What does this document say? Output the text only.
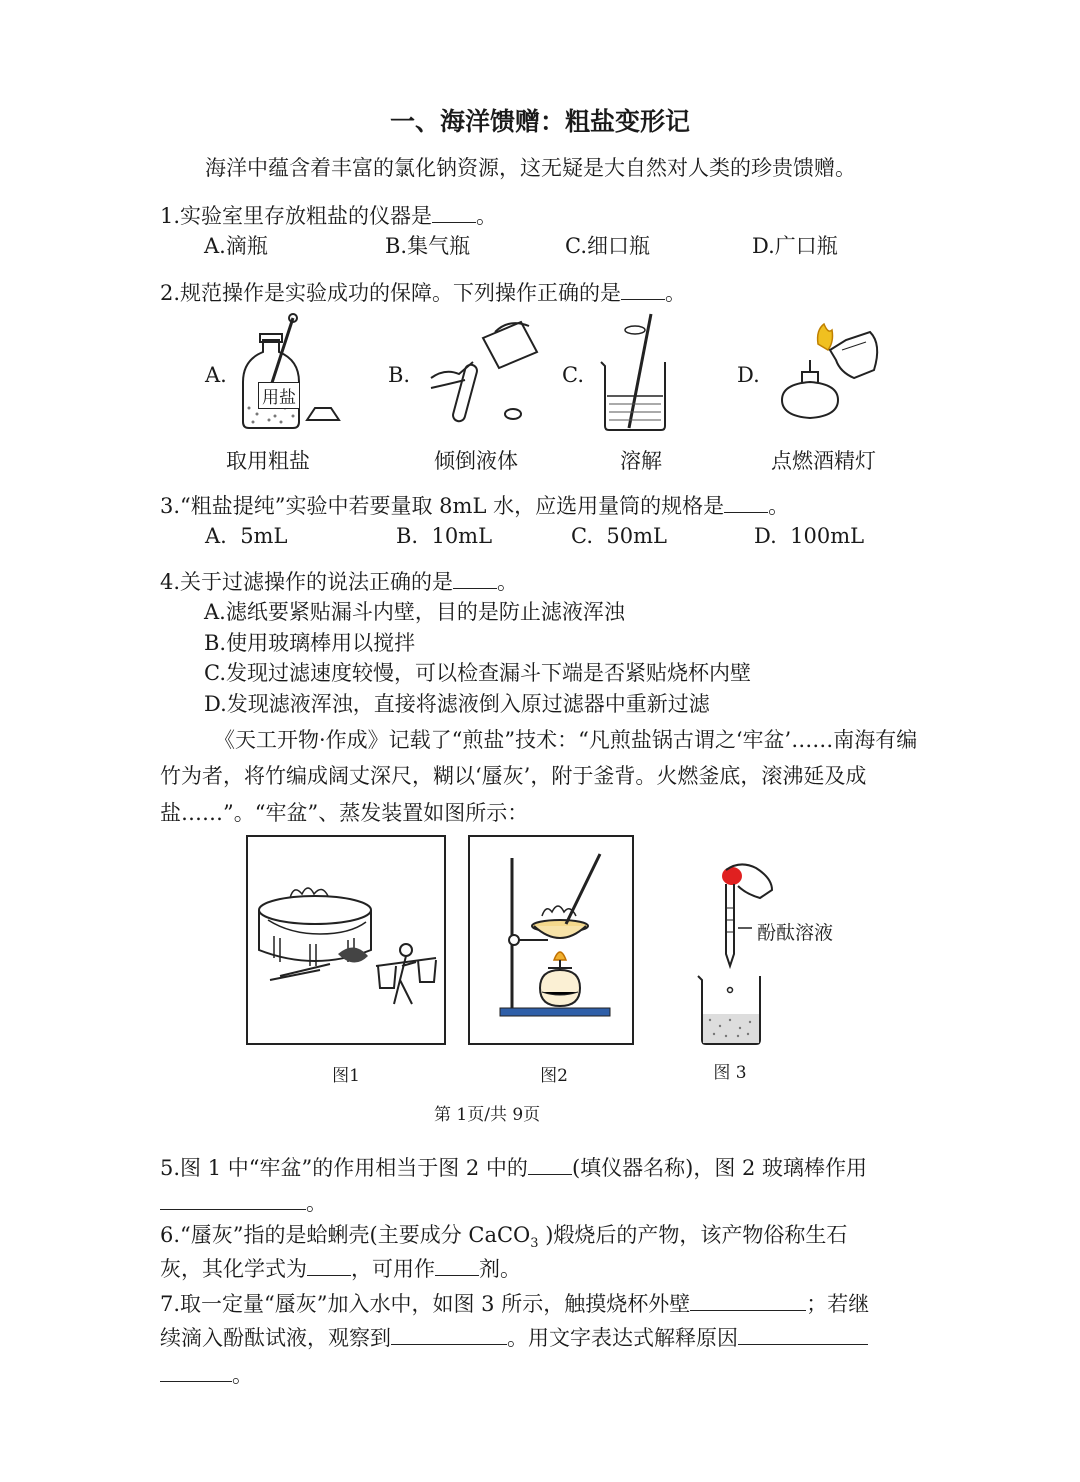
一、海洋馈赠：粗盐变形记
海洋中蕴含着丰富的氯化钠资源，这无疑是大自然对人类的珍贵馈赠。
1.实验室里存放粗盐的仪器是 。
A.滴瓶	B.集气瓶	C.细口瓶	D.广口瓶
2.规范操作是实验成功的保障。下列操作正确的是 。
A.	B.	C.	D.
用盐
取用粗盐	倾倒液体	溶解	点燃酒精灯
3.“粗盐提纯”实验中若要量取 8mL 水，应选用量筒的规格是 。
A.  5mL	B.  10mL	C.  50mL	D.  100mL
4.关于过滤操作的说法正确的是 。
A.滤纸要紧贴漏斗内壁，目的是防止滤液浑浊
B.使用玻璃棒用以搅拌
C.发现过滤速度较慢，可以检查漏斗下端是否紧贴烧杯内壁
D.发现滤液浑浊，直接将滤液倒入原过滤器中重新过滤
《天工开物·作成》记载了“煎盐”技术：“凡煎盐锅古谓之‘牢盆’……南海有编
竹为者，将竹编成阔丈深尺，糊以‘蜃灰’，附于釜背。火燃釜底，滚沸延及成
盐……”。“牢盆”、蒸发装置如图所示：
酚酞溶液
图1	图2	图 3
第 1页/共 9页
5.图 1 中“牢盆”的作用相当于图 2 中的 (填仪器名称)，图 2 玻璃棒作用
。
6.“蜃灰”指的是蛤蜊壳(主要成分 CaCO$_3$ )煅烧后的产物，该产物俗称生石
灰，其化学式为 ，可用作 剂。
7.取一定量“蜃灰”加入水中，如图 3 所示，触摸烧杯外壁	；若继
续滴入酚酞试液，观察到	。用文字表达式解释原因
。
